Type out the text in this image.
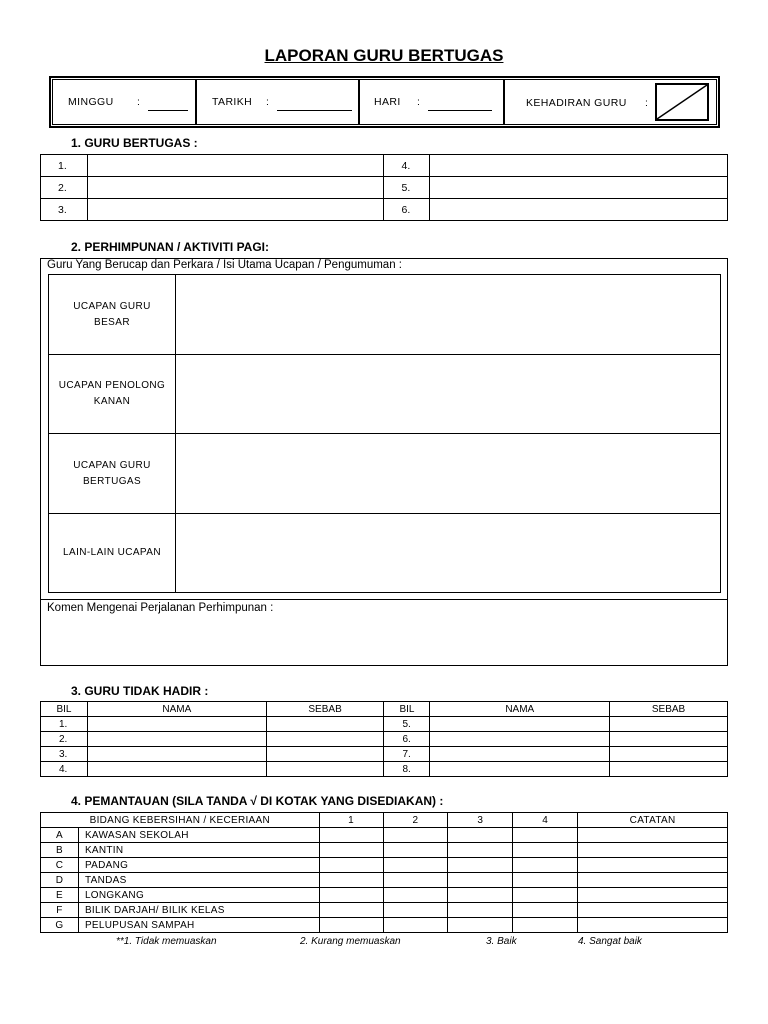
LAPORAN GURU BERTUGAS
MINGGU :	TARIKH :	HARI :	KEHADIRAN GURU :
1. GURU BERTUGAS :
1.		4.	
2.		5.	
3.		6.	
2. PERHIMPUNAN / AKTIVITI PAGI:
Guru Yang Berucap dan Perkara / Isi Utama Ucapan / Pengumuman :
UCAPAN GURU
BESAR	
UCAPAN PENOLONG
KANAN	
UCAPAN GURU
BERTUGAS	
LAIN-LAIN UCAPAN	
Komen Mengenai Perjalanan Perhimpunan :
3. GURU TIDAK HADIR :
BIL	NAMA	SEBAB	BIL	NAMA	SEBAB
1.			5.		
2.			6.		
3.			7.		
4.			8.		
4. PEMANTAUAN (SILA TANDA √ DI KOTAK YANG DISEDIAKAN) :
BIDANG KEBERSIHAN / KECERIAAN		1	2	3	4	CATATAN
A	KAWASAN SEKOLAH					
B	KANTIN					
C	PADANG					
D	TANDAS					
E	LONGKANG					
F	BILIK DARJAH/ BILIK KELAS					
G	PELUPUSAN SAMPAH					
**1. Tidak memuaskan	2. Kurang memuaskan	3. Baik	4. Sangat baik
